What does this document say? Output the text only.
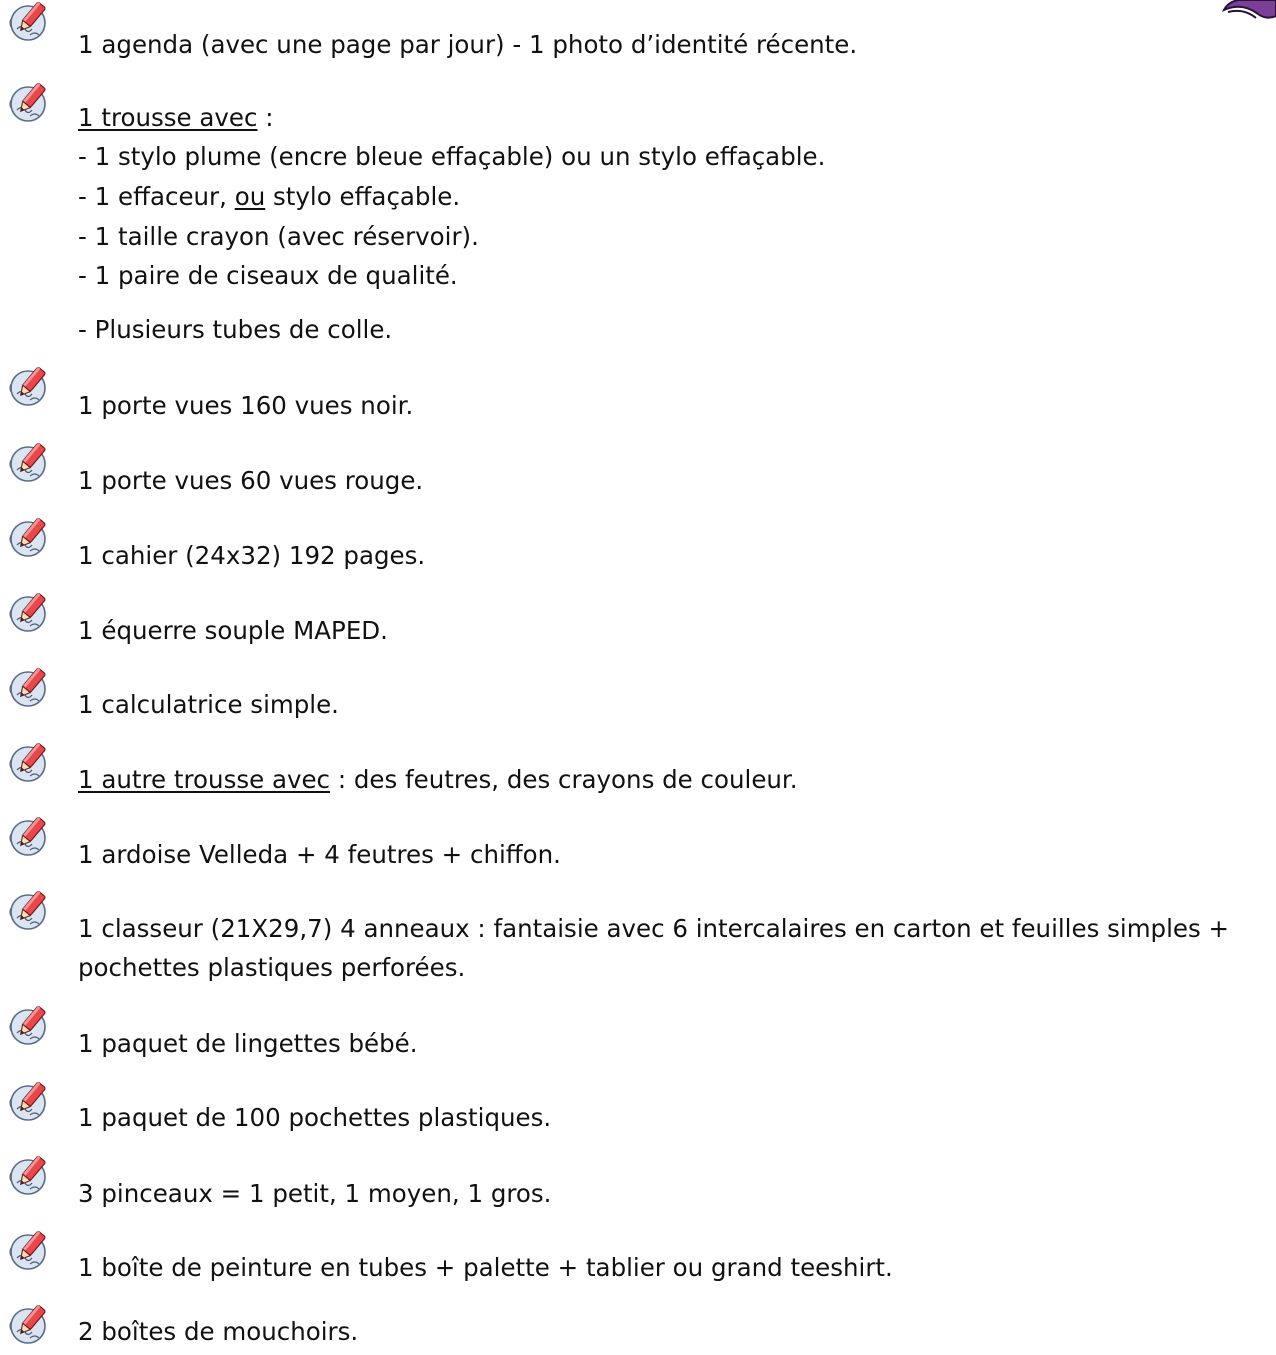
1 agenda (avec une page par jour) - 1 photo d’identité récente.
1 trousse avec :
- 1 stylo plume (encre bleue effaçable) ou un stylo effaçable.
- 1 effaceur, ou stylo effaçable.
- 1 taille crayon (avec réservoir).
- 1 paire de ciseaux de qualité.
- Plusieurs tubes de colle.
1 porte vues 160 vues noir.
1 porte vues 60 vues rouge.
1 cahier (24x32) 192 pages.
1 équerre souple MAPED.
1 calculatrice simple.
1 autre trousse avec : des feutres, des crayons de couleur.
1 ardoise Velleda + 4 feutres + chiffon.
1 classeur (21X29,7) 4 anneaux : fantaisie avec 6 intercalaires en carton et feuilles simples +
pochettes plastiques perforées.
1 paquet de lingettes bébé.
1 paquet de 100 pochettes plastiques.
3 pinceaux = 1 petit, 1 moyen, 1 gros.
1 boîte de peinture en tubes + palette + tablier ou grand teeshirt.
2 boîtes de mouchoirs.
